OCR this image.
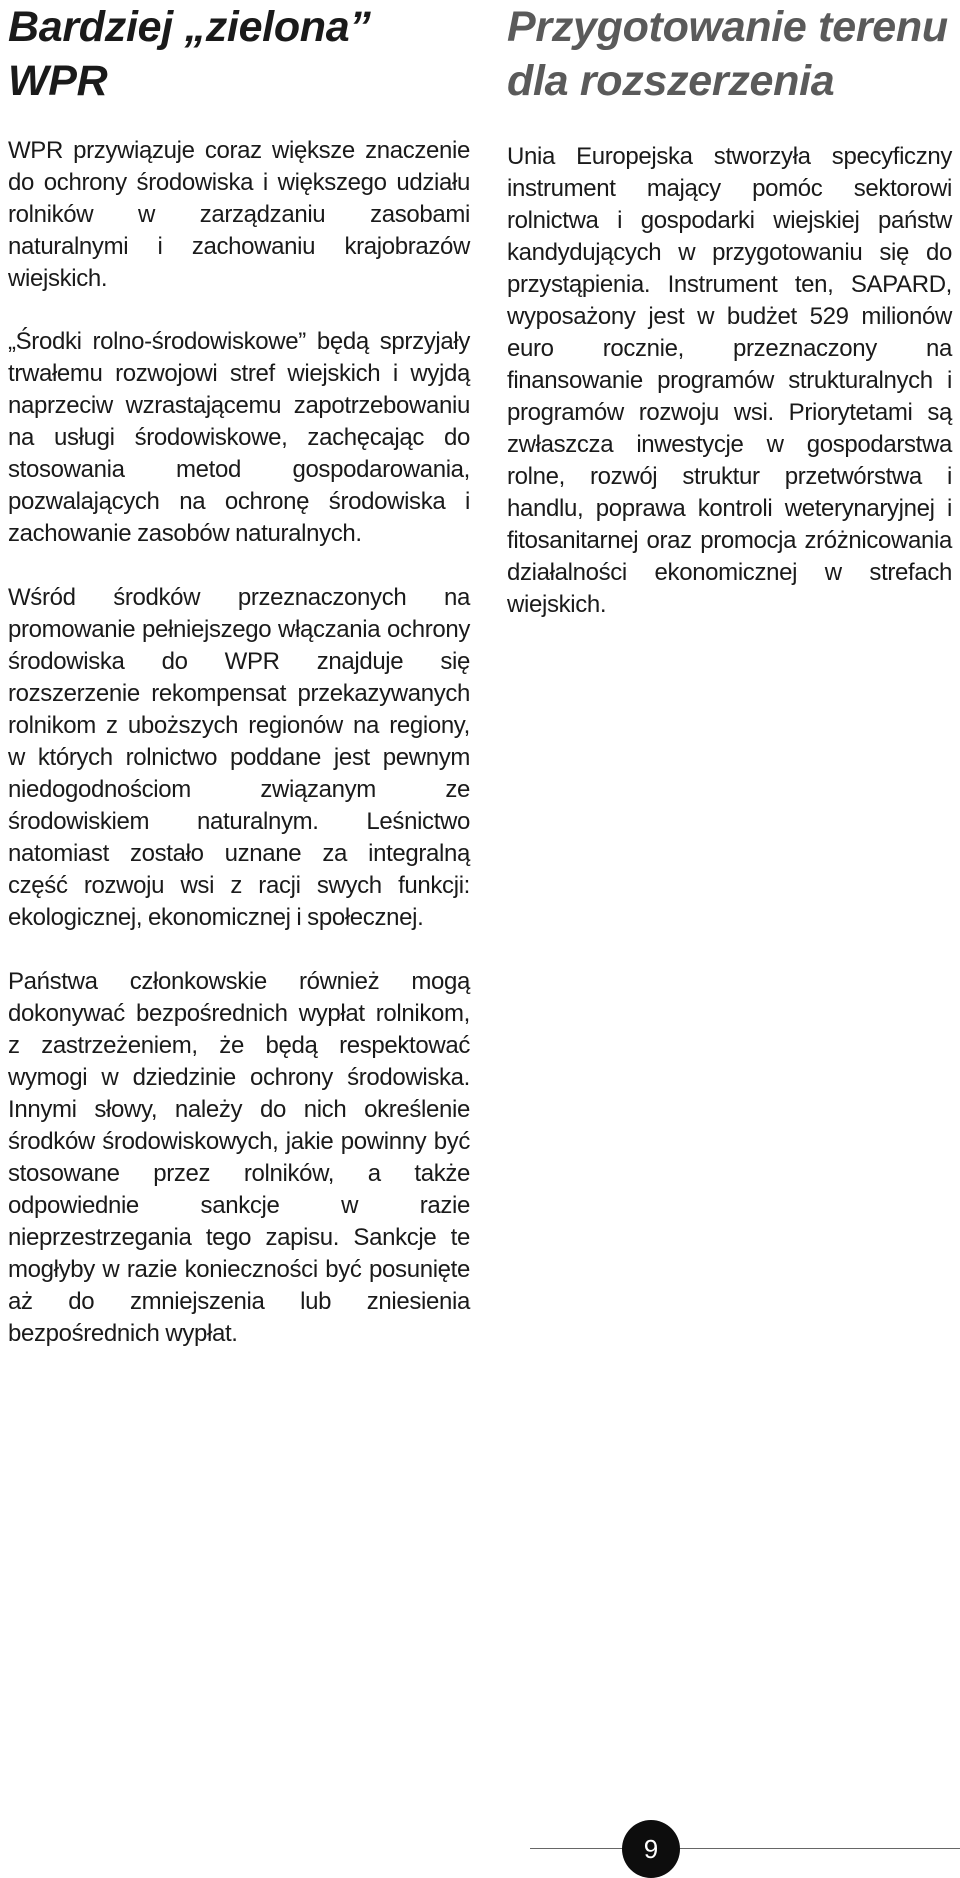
Bardziej „zielona” WPR

WPR przywiązuje coraz większe znaczenie do ochrony środowiska i większego udziału rolników w zarządzaniu zasobami naturalnymi i zachowaniu krajobrazów wiejskich.

„Środki rolno-środowiskowe” będą sprzyjały trwałemu rozwojowi stref wiejskich i wyjdą naprzeciw wzrastającemu zapotrzebowaniu na usługi środowiskowe, zachęcając do stosowania metod gospodarowania, pozwalających na ochronę środowiska i zachowanie zasobów naturalnych.

Wśród środków przeznaczonych na promowanie pełniejszego włączania ochrony środowiska do WPR znajduje się rozszerzenie rekompensat przekazywanych rolnikom z uboższych regionów na regiony, w których rolnictwo poddane jest pewnym niedogodnościom związanym ze środowiskiem naturalnym. Leśnictwo natomiast zostało uznane za integralną część rozwoju wsi z racji swych funkcji: ekologicznej, ekonomicznej i społecznej.

Państwa członkowskie również mogą dokonywać bezpośrednich wypłat rolnikom, z zastrzeżeniem, że będą respektować wymogi w dziedzinie ochrony środowiska. Innymi słowy, należy do nich określenie środków środowiskowych, jakie powinny być stosowane przez rolników, a także odpowiednie sankcje w razie nieprzestrzegania tego zapisu. Sankcje te mogłyby w razie konieczności być posunięte aż do zmniejszenia lub zniesienia bezpośrednich wypłat.

Przygotowanie terenu
dla rozszerzenia

Unia Europejska stworzyła specyficzny instrument mający pomóc sektorowi rolnictwa i gospodarki wiejskiej państw kandydujących w przygotowaniu się do przystąpienia. Instrument ten, SAPARD, wyposażony jest w budżet 529 milionów euro rocznie, przeznaczony na finansowanie programów strukturalnych i programów rozwoju wsi. Priorytetami są zwłaszcza inwestycje w gospodarstwa rolne, rozwój struktur przetwórstwa i handlu, poprawa kontroli weterynaryjnej i fitosanitarnej oraz promocja zróżnicowania działalności ekonomicznej w strefach wiejskich.

9
